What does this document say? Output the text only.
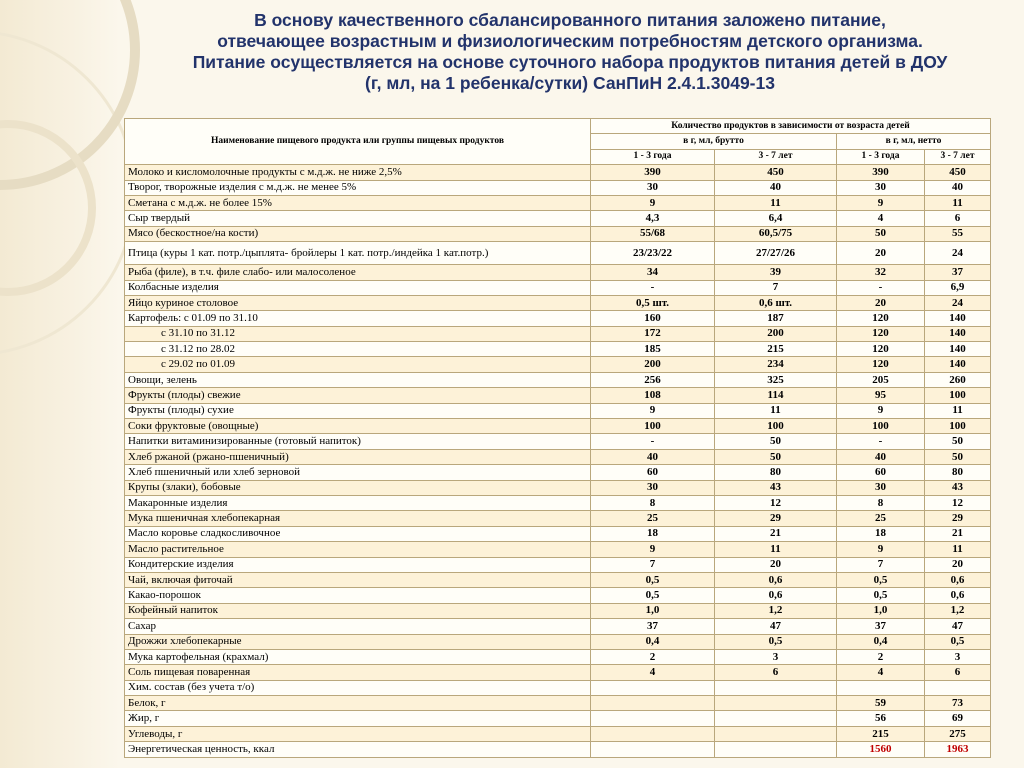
В основу качественного сбалансированного питания заложено питание,
отвечающее возрастным и физиологическим потребностям детского организма.
Питание осуществляется на основе суточного набора продуктов питания детей в ДОУ
(г, мл, на 1 ребенка/сутки) СанПиН 2.4.1.3049-13
Наименование пищевого продукта или группы пищевых продуктов	Количество продуктов в зависимости от возраста детей			
	в г, мл, брутто		в г, мл, нетто	
	1 - 3 года	3 - 7 лет	1 - 3 года	3 - 7 лет
Молоко и кисломолочные продукты с м.д.ж. не ниже 2,5%	390	450	390	450
Творог, творожные изделия с м.д.ж. не менее 5%	30	40	30	40
Сметана с м.д.ж. не более 15%	9	11	9	11
Сыр твердый	4,3	6,4	4	6
Мясо (бескостное/на кости)	55/68	60,5/75	50	55
Птица (куры 1 кат. потр./цыплята- бройлеры 1 кат. потр./индейка 1 кат.потр.)	23/23/22	27/27/26	20	24
Рыба (филе), в т.ч. филе слабо- или малосоленое	34	39	32	37
Колбасные изделия	-	7	-	6,9
Яйцо куриное столовое	0,5 шт.	0,6 шт.	20	24
Картофель: с 01.09 по 31.10	160	187	120	140
с 31.10 по 31.12	172	200	120	140
с 31.12 по 28.02	185	215	120	140
с 29.02 по 01.09	200	234	120	140
Овощи, зелень	256	325	205	260
Фрукты (плоды) свежие	108	114	95	100
Фрукты (плоды) сухие	9	11	9	11
Соки фруктовые (овощные)	100	100	100	100
Напитки витаминизированные (готовый напиток)	-	50	-	50
Хлеб ржаной (ржано-пшеничный)	40	50	40	50
Хлеб пшеничный или хлеб зерновой	60	80	60	80
Крупы (злаки), бобовые	30	43	30	43
Макаронные изделия	8	12	8	12
Мука пшеничная хлебопекарная	25	29	25	29
Масло коровье сладкосливочное	18	21	18	21
Масло растительное	9	11	9	11
Кондитерские изделия	7	20	7	20
Чай, включая фиточай	0,5	0,6	0,5	0,6
Какао-порошок	0,5	0,6	0,5	0,6
Кофейный напиток	1,0	1,2	1,0	1,2
Сахар	37	47	37	47
Дрожжи хлебопекарные	0,4	0,5	0,4	0,5
Мука картофельная (крахмал)	2	3	2	3
Соль пищевая поваренная	4	6	4	6
Хим. состав (без учета т/о)				
Белок, г			59	73
Жир, г			56	69
Углеводы, г			215	275
Энергетическая ценность, ккал			1560	1963
